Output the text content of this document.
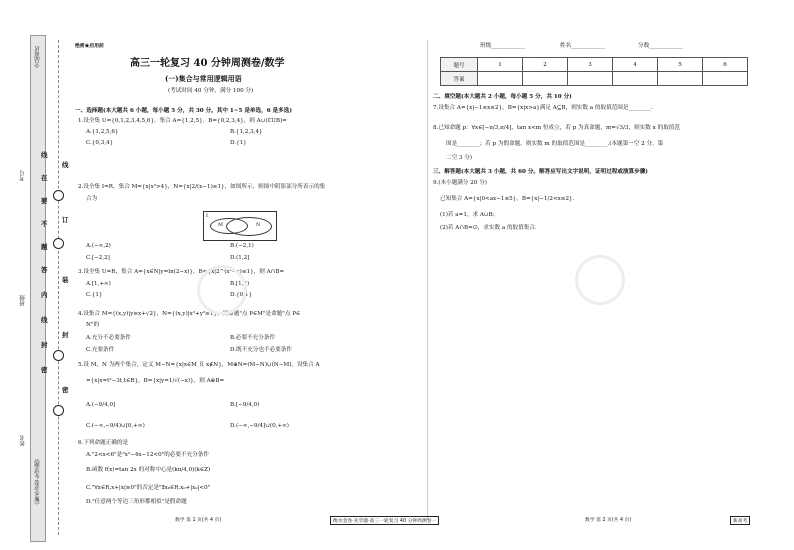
全品商店
《衡水金卷·先享题》
线
在
要
不
题
答
内
线
封
密
线
订
装
封
密
考号
班级
姓名
绝密★启用前
高三一轮复习 40 分钟周测卷/数学
(一)集合与常用逻辑用语
(考试时间 40 分钟，满分 100 分)
一、选择题(本大题共 6 小题，每小题 5 分，共 30 分。其中 1~5 是单选，6 是多选)
1.设全集 U={0,1,2,3,4,5,6}，集合 A={1,2,5}，B={0,2,3,4}，则 A∪(∁UB)=
A.{1,2,5,6}	B.{1,2,3,4}
C.{0,3,4}	D.{1}
2.设全集 I=R，集合 M={x|x²>4}，N={x|2/(x−1)≥1}，如图所示，则图中阴影部分所表示的集
合为
I
M	N
A.(−∞,2)	B.(−2,1)
C.[−2,2]	D.(1,2]
3.设全集 U=R，集合 A={x∈N|y=ln(2−x)}，B={x|2^(x²−x)≤1}，则 A∩B=
A.[1,+∞)	B.[1,2)
C.{1}	D.{0,1}
4.设集合 M={(x,y)|y≥x+√2}，N={(x,y)|x²+y²≥1}，则命题"点 P∈M"是命题"点 P∈
N"的
A.充分不必要条件	B.必要不充分条件
C.充要条件	D.既不充分也不必要条件
5.设 M，N 为两个集合，定义 M−N={x|x∈M 且 x∉N}，M⊕N=(M−N)∪(N−M)，设集合 A
={x|x=t²−3t,t∈R}，B={x|y=1/√(−x)}，则 A⊕B=
A.(−9/4,0]	B.[−9/4,0)
C.(−∞,−9/4)∪[0,+∞)	D.(−∞,−9/4]∪(0,+∞)
6.下列命题正确的是
A."2<x<6"是"x²−4x−12<0"的必要不充分条件
B.函数 f(x)=tan 2x 的对称中心是(kπ/4,0)(k∈Z)
C."∀x∈R,x+|x|≥0"的否定是"∃x₀∈R,x₀+|x₀|<0"
D."任意两个等边三角形都相似"是假命题
班级____________	姓名____________	分数____________
题号	1	2	3	4	5	6
答案						
二、填空题(本大题共 2 小题，每小题 5 分，共 10 分)
7.设集合 A={x|−1≤x≤2}，B={x|x>a}满足 A⊆B，则实数 a 的取值范围是________.
8.已知命题 p：∀x∈[−π/3,π/4]，tan x<m 恒成立，若 p 为真命题，m=√3/3，则实数 x 的取值范
围是________；若 p 为假命题，则实数 m 的取值范围是________.(本题第一空 2 分，第
二空 3 分)
三、解答题(本大题共 3 小题，共 60 分。解答应写出文字说明，证明过程或演算步骤)
9.(本小题满分 20 分)
已知集合 A={x|0<ax−1≤5}，B={x|−1/2<x≤2}.
(1)若 a=1，求 A∪B；
(2)若 A∩B=∅，求实数 a 的取值集合.
数学 第 1 页(共 4 页)	衡水金卷·先享题·高三一轮复习 40 分钟周测卷一	数学 第 2 页(共 4 页)	新高考
